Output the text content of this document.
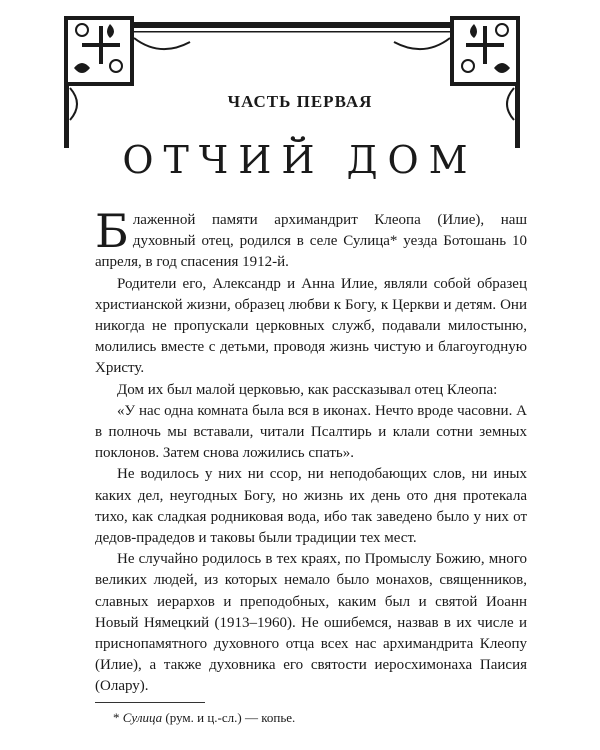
ЧАСТЬ ПЕРВАЯ
ОТЧИЙ ДОМ

Блаженной памяти архимандрит Клеопа (Илие), наш духовный отец, родился в селе Сулица* уезда Ботошань 10 апреля, в год спасения 1912-й.

Родители его, Александр и Анна Илие, являли собой образец христианской жизни, образец любви к Богу, к Церкви и детям. Они никогда не пропускали церковных служб, подавали милостыню, молились вместе с детьми, проводя жизнь чистую и благоугодную Христу.

Дом их был малой церковью, как рассказывал отец Клеопа:

«У нас одна комната была вся в иконах. Нечто вроде часовни. А в полночь мы вставали, читали Псалтирь и клали сотни земных поклонов. Затем снова ложились спать».

Не водилось у них ни ссор, ни неподобающих слов, ни иных каких дел, неугодных Богу, но жизнь их день ото дня протекала тихо, как сладкая родниковая вода, ибо так заведено было у них от дедов-прадедов и таковы были традиции тех мест.

Не случайно родилось в тех краях, по Промыслу Божию, много великих людей, из которых немало было монахов, священников, славных иерархов и преподобных, каким был и святой Иоанн Новый Нямецкий (1913–1960). Не ошибемся, назвав в их числе и приснопамятного духовного отца всех нас архимандрита Клеопу (Илие), а также духовника его святости иеросхимонаха Паисия (Олару).

* Сулица (рум. и ц.-сл.) — копье.
